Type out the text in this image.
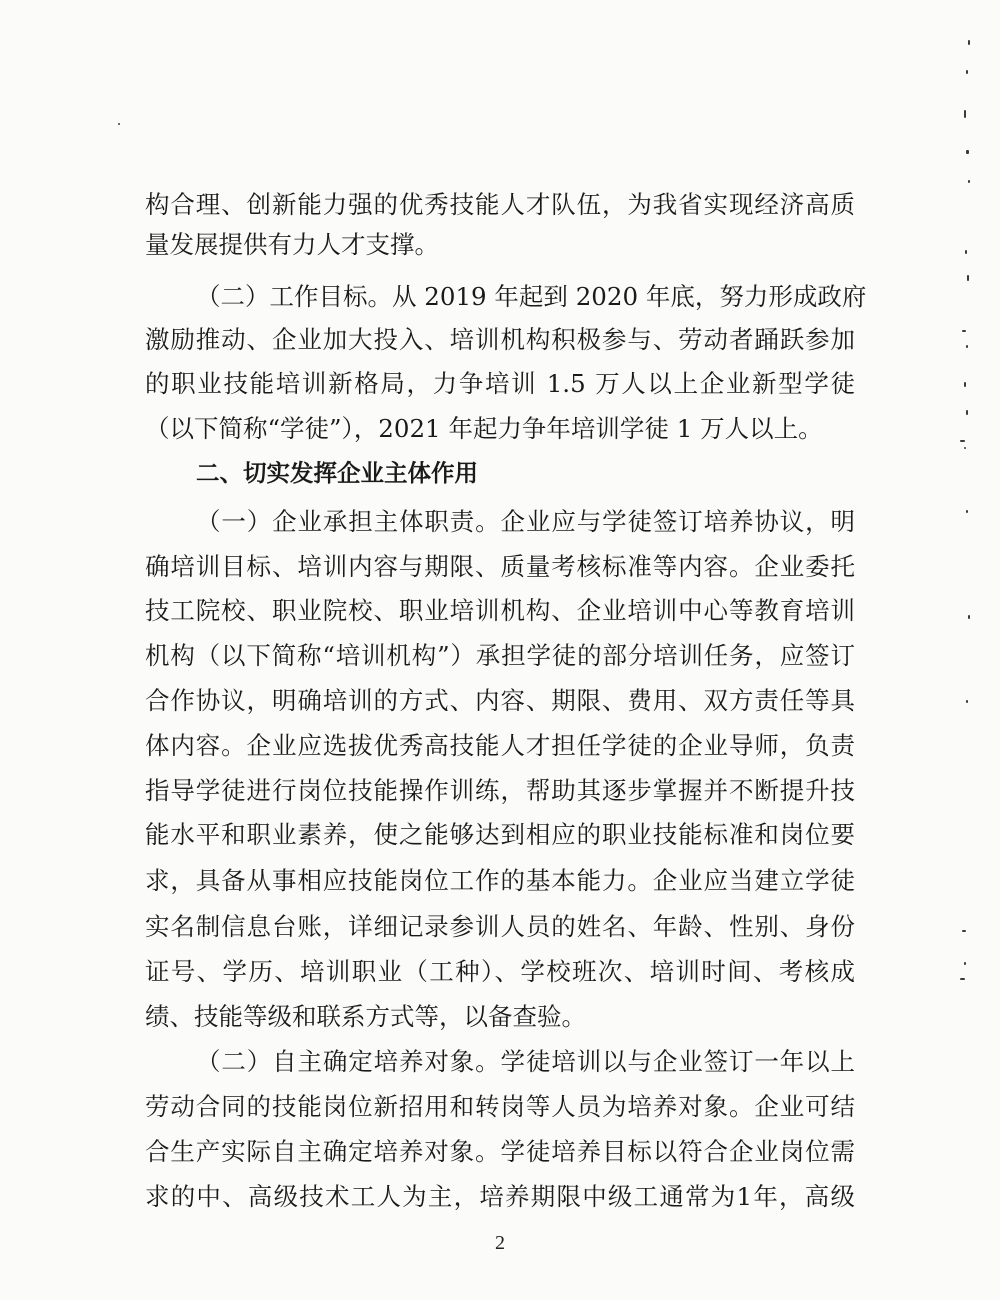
构合理、创新能力强的优秀技能人才队伍，为我省实现经济高质
量发展提供有力人才支撑。
（二）工作目标。从 2019 年起到 2020 年底，努力形成政府
激励推动、企业加大投入、培训机构积极参与、劳动者踊跃参加
的职业技能培训新格局，力争培训 1.5 万人以上企业新型学徒
（以下简称“学徒”），2021 年起力争年培训学徒 1 万人以上。
二、切实发挥企业主体作用
（一）企业承担主体职责。企业应与学徒签订培养协议，明
确培训目标、培训内容与期限、质量考核标准等内容。企业委托
技工院校、职业院校、职业培训机构、企业培训中心等教育培训
机构（以下简称“培训机构”）承担学徒的部分培训任务，应签订
合作协议，明确培训的方式、内容、期限、费用、双方责任等具
体内容。企业应选拔优秀高技能人才担任学徒的企业导师，负责
指导学徒进行岗位技能操作训练，帮助其逐步掌握并不断提升技
能水平和职业素养，使之能够达到相应的职业技能标准和岗位要
求，具备从事相应技能岗位工作的基本能力。企业应当建立学徒
实名制信息台账，详细记录参训人员的姓名、年龄、性别、身份
证号、学历、培训职业（工种）、学校班次、培训时间、考核成
绩、技能等级和联系方式等，以备查验。
（二）自主确定培养对象。学徒培训以与企业签订一年以上
劳动合同的技能岗位新招用和转岗等人员为培养对象。企业可结
合生产实际自主确定培养对象。学徒培养目标以符合企业岗位需
求的中、高级技术工人为主，培养期限中级工通常为1年，高级
2
